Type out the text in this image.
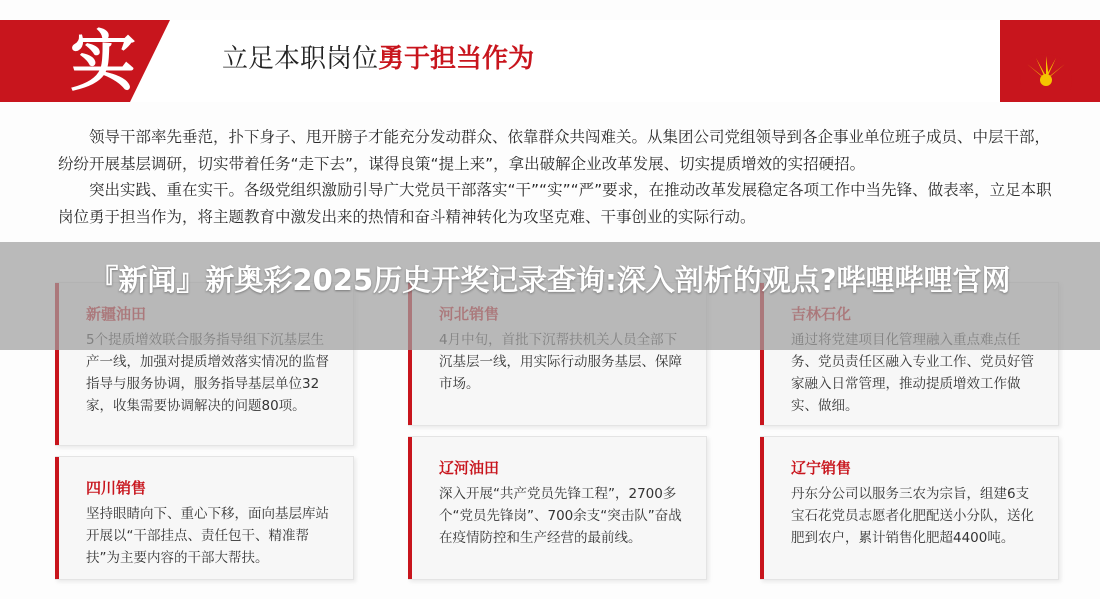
实	立足本职岗位勇于担当作为
领导干部率先垂范，扑下身子、甩开膀子才能充分发动群众、依靠群众共闯难关。从集团公司党组领导到各企事业单位班子成员、中层干部，纷纷开展基层调研，切实带着任务“走下去”，谋得良策“提上来”，拿出破解企业改革发展、切实提质增效的实招硬招。
突出实践、重在实干。各级党组织激励引导广大党员干部落实“干”“实”“严”要求，在推动改革发展稳定各项工作中当先锋、做表率，立足本职岗位勇于担当作为，将主题教育中激发出来的热情和奋斗精神转化为攻坚克难、干事创业的实际行动。
产一线，加强对提质增效落实情况的监督指导与服务协调，服务指导基层单位32家，收集需要协调解决的问题80项。
沉基层一线，用实际行动服务基层、保障市场。
务、党员责任区融入专业工作、党员好管家融入日常管理，推动提质增效工作做实、做细。
四川销售
坚持眼睛向下、重心下移，面向基层库站开展以“干部挂点、责任包干、精准帮扶”为主要内容的干部大帮扶。
辽河油田
深入开展“共产党员先锋工程”，2700多个“党员先锋岗”、700余支“突击队”奋战在疫情防控和生产经营的最前线。
辽宁销售
丹东分公司以服务三农为宗旨，组建6支宝石花党员志愿者化肥配送小分队，送化肥到农户，累计销售化肥超4400吨。
『新闻』新奥彩2025历史开奖记录查询:深入剖析的观点?哔哩哔哩官网
